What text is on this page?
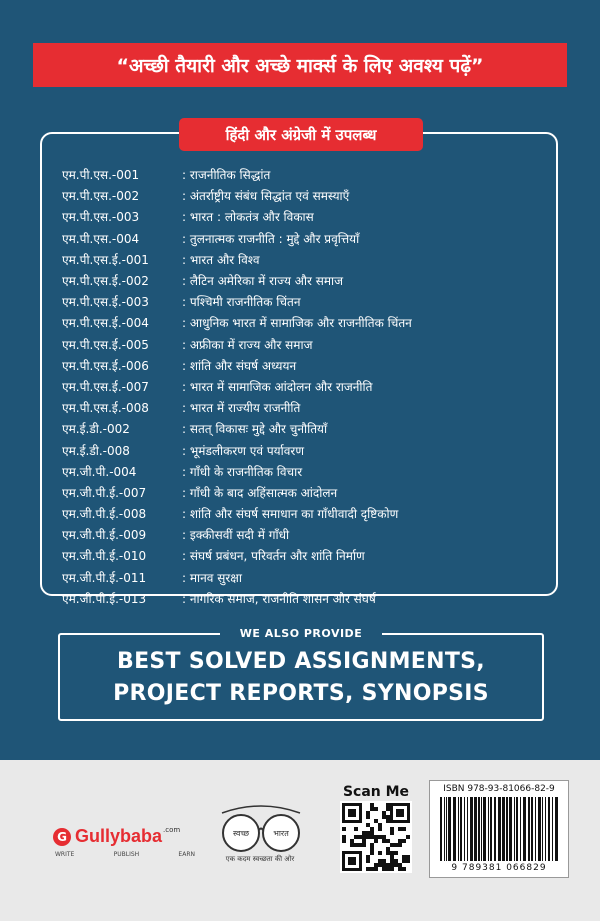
“अच्छी तैयारी और अच्छे मार्क्स के लिए अवश्य पढ़ें”
हिंदी और अंग्रेजी में उपलब्ध
एम.पी.एस.-001	: राजनीतिक सिद्धांत
एम.पी.एस.-002	: अंतर्राष्ट्रीय संबंध सिद्धांत एवं समस्याएँ
एम.पी.एस.-003	: भारत : लोकतंत्र और विकास
एम.पी.एस.-004	: तुलनात्मक राजनीति : मुद्दे और प्रवृत्तियाँ
एम.पी.एस.ई.-001	: भारत और विश्व
एम.पी.एस.ई.-002	: लैटिन अमेरिका में राज्य और समाज
एम.पी.एस.ई.-003	: पश्चिमी राजनीतिक चिंतन
एम.पी.एस.ई.-004	: आधुनिक भारत में सामाजिक और राजनीतिक चिंतन
एम.पी.एस.ई.-005	: अफ्रीका में राज्य और समाज
एम.पी.एस.ई.-006	: शांति और संघर्ष अध्ययन
एम.पी.एस.ई.-007	: भारत में सामाजिक आंदोलन और राजनीति
एम.पी.एस.ई.-008	: भारत में राज्यीय राजनीति
एम.ई.डी.-002	: सतत् विकासः मुद्दे और चुनौतियाँ
एम.ई.डी.-008	: भूमंडलीकरण एवं पर्यावरण
एम.जी.पी.-004	: गाँधी के राजनीतिक विचार
एम.जी.पी.ई.-007	: गाँधी के बाद अहिंसात्मक आंदोलन
एम.जी.पी.ई.-008	: शांति और संघर्ष समाधान का गाँधीवादी दृष्टिकोण
एम.जी.पी.ई.-009	: इक्कीसवीं सदी में गाँधी
एम.जी.पी.ई.-010	: संघर्ष प्रबंधन, परिवर्तन और शांति निर्माण
एम.जी.पी.ई.-011	: मानव सुरक्षा
एम.जी.पी.ई.-013	: नागरिक समाज, राजनीति शासन और संघर्ष
WE ALSO PROVIDE
BEST SOLVED ASSIGNMENTS,
PROJECT REPORTS, SYNOPSIS
G Gullybaba .com
WRITE	PUBLISH	EARN
स्वच्छ	भारत
एक कदम स्वच्छता की ओर
Scan Me	ISBN 978-93-81066-82-9
9 789381 066829
